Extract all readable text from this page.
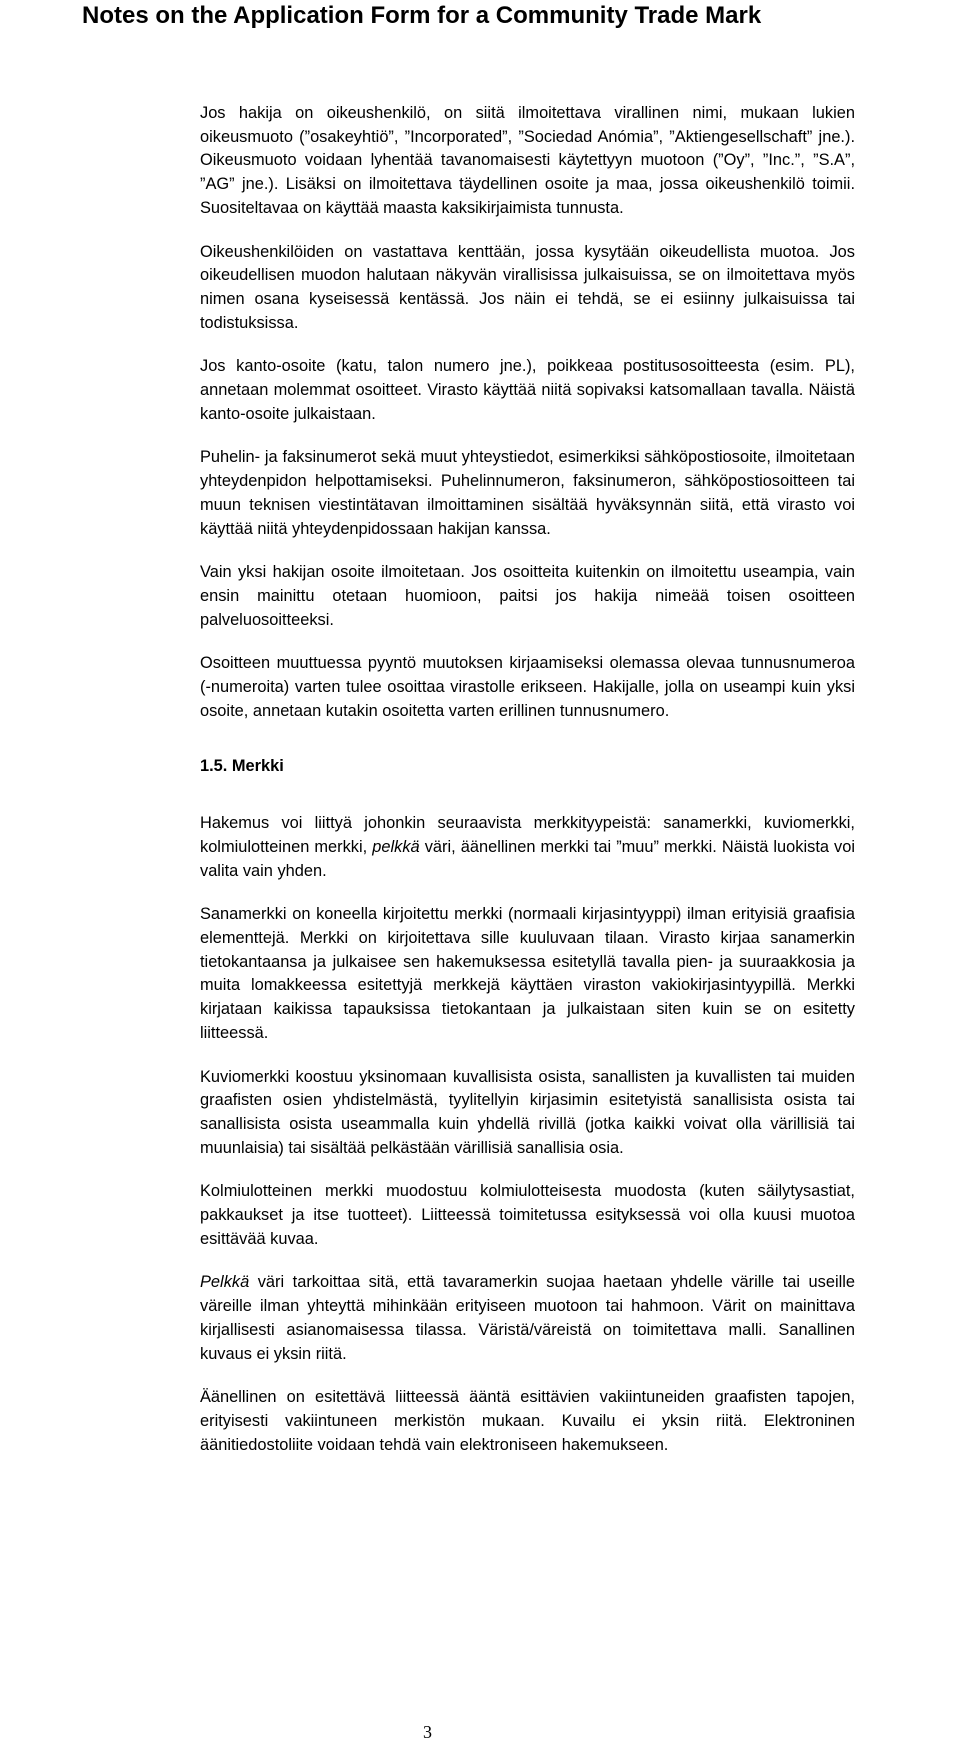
Notes on the Application Form for a Community Trade Mark

Jos hakija on oikeushenkilö, on siitä ilmoitettava virallinen nimi, mukaan lukien oikeusmuoto (”osakeyhtiö”, ”Incorporated”, ”Sociedad Anómia”, ”Aktiengesellschaft” jne.). Oikeusmuoto voidaan lyhentää tavanomaisesti käytettyyn muotoon (”Oy”, ”Inc.”, ”S.A”, ”AG” jne.). Lisäksi on ilmoitettava täydellinen osoite ja maa, jossa oikeushenkilö toimii. Suositeltavaa on käyttää maasta kaksikirjaimista tunnusta.

Oikeushenkilöiden on vastattava kenttään, jossa kysytään oikeudellista muotoa. Jos oikeudellisen muodon halutaan näkyvän virallisissa julkaisuissa, se on ilmoitettava myös nimen osana kyseisessä kentässä. Jos näin ei tehdä, se ei esiinny julkaisuissa tai todistuksissa.

Jos kanto-osoite (katu, talon numero jne.), poikkeaa postitusosoitteesta (esim. PL), annetaan molemmat osoitteet. Virasto käyttää niitä sopivaksi katsomallaan tavalla. Näistä kanto-osoite julkaistaan.

Puhelin- ja faksinumerot sekä muut yhteystiedot, esimerkiksi sähköpostiosoite, ilmoitetaan yhteydenpidon helpottamiseksi. Puhelinnumeron, faksinumeron, sähköpostiosoitteen tai muun teknisen viestintätavan ilmoittaminen sisältää hyväksynnän siitä, että virasto voi käyttää niitä yhteydenpidossaan hakijan kanssa.

Vain yksi hakijan osoite ilmoitetaan. Jos osoitteita kuitenkin on ilmoitettu useampia, vain ensin mainittu otetaan huomioon, paitsi jos hakija nimeää toisen osoitteen palveluosoitteeksi.

Osoitteen muuttuessa pyyntö muutoksen kirjaamiseksi olemassa olevaa tunnusnumeroa (-numeroita) varten tulee osoittaa virastolle erikseen. Hakijalle, jolla on useampi kuin yksi osoite, annetaan kutakin osoitetta varten erillinen tunnusnumero.

1.5. Merkki

Hakemus voi liittyä johonkin seuraavista merkkityypeistä: sanamerkki, kuviomerkki, kolmiulotteinen merkki, pelkkä väri, äänellinen merkki tai ”muu” merkki. Näistä luokista voi valita vain yhden.

Sanamerkki on koneella kirjoitettu merkki (normaali kirjasintyyppi) ilman erityisiä graafisia elementtejä. Merkki on kirjoitettava sille kuuluvaan tilaan. Virasto kirjaa sanamerkin tietokantaansa ja julkaisee sen hakemuksessa esitetyllä tavalla pien- ja suuraakkosia ja muita lomakkeessa esitettyjä merkkejä käyttäen viraston vakiokirjasintyypillä. Merkki kirjataan kaikissa tapauksissa tietokantaan ja julkaistaan siten kuin se on esitetty liitteessä.

Kuviomerkki koostuu yksinomaan kuvallisista osista, sanallisten ja kuvallisten tai muiden graafisten osien yhdistelmästä, tyylitellyin kirjasimin esitetyistä sanallisista osista tai sanallisista osista useammalla kuin yhdellä rivillä (jotka kaikki voivat olla värillisiä tai muunlaisia) tai sisältää pelkästään värillisiä sanallisia osia.

Kolmiulotteinen merkki muodostuu kolmiulotteisesta muodosta (kuten säilytysastiat, pakkaukset ja itse tuotteet). Liitteessä toimitetussa esityksessä voi olla kuusi muotoa esittävää kuvaa.

Pelkkä väri tarkoittaa sitä, että tavaramerkin suojaa haetaan yhdelle värille tai useille väreille ilman yhteyttä mihinkään erityiseen muotoon tai hahmoon. Värit on mainittava kirjallisesti asianomaisessa tilassa. Väristä/väreistä on toimitettava malli. Sanallinen kuvaus ei yksin riitä.

Äänellinen on esitettävä liitteessä ääntä esittävien vakiintuneiden graafisten tapojen, erityisesti vakiintuneen merkistön mukaan. Kuvailu ei yksin riitä. Elektroninen äänitiedostoliite voidaan tehdä vain elektroniseen hakemukseen.

3
